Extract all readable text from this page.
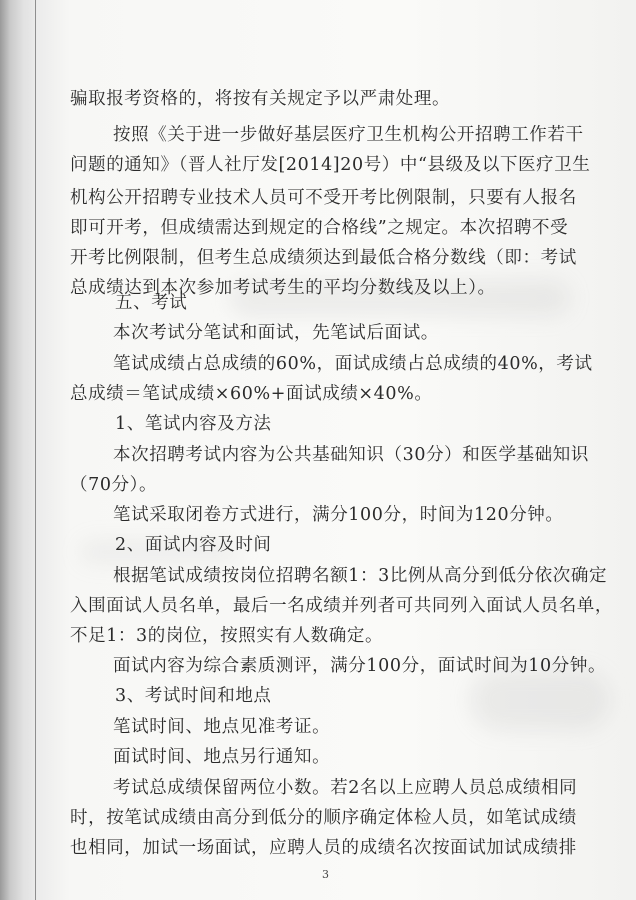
骗取报考资格的，将按有关规定予以严肃处理。
按照《关于进一步做好基层医疗卫生机构公开招聘工作若干
问题的通知》（晋人社厅发[2014]20号）中“县级及以下医疗卫生
机构公开招聘专业技术人员可不受开考比例限制，只要有人报名
即可开考，但成绩需达到规定的合格线”之规定。本次招聘不受
开考比例限制，但考生总成绩须达到最低合格分数线（即：考试
总成绩达到本次参加考试考生的平均分数线及以上）。
五、考试
本次考试分笔试和面试，先笔试后面试。
笔试成绩占总成绩的60%，面试成绩占总成绩的40%，考试
总成绩＝笔试成绩×60%+面试成绩×40%。
1、笔试内容及方法
本次招聘考试内容为公共基础知识（30分）和医学基础知识
（70分）。
笔试采取闭卷方式进行，满分100分，时间为120分钟。
2、面试内容及时间
根据笔试成绩按岗位招聘名额1：3比例从高分到低分依次确定
入围面试人员名单，最后一名成绩并列者可共同列入面试人员名单，
不足1：3的岗位，按照实有人数确定。
面试内容为综合素质测评，满分100分，面试时间为10分钟。
3、考试时间和地点
笔试时间、地点见准考证。
面试时间、地点另行通知。
考试总成绩保留两位小数。若2名以上应聘人员总成绩相同
时，按笔试成绩由高分到低分的顺序确定体检人员，如笔试成绩
也相同，加试一场面试，应聘人员的成绩名次按面试加试成绩排
3
